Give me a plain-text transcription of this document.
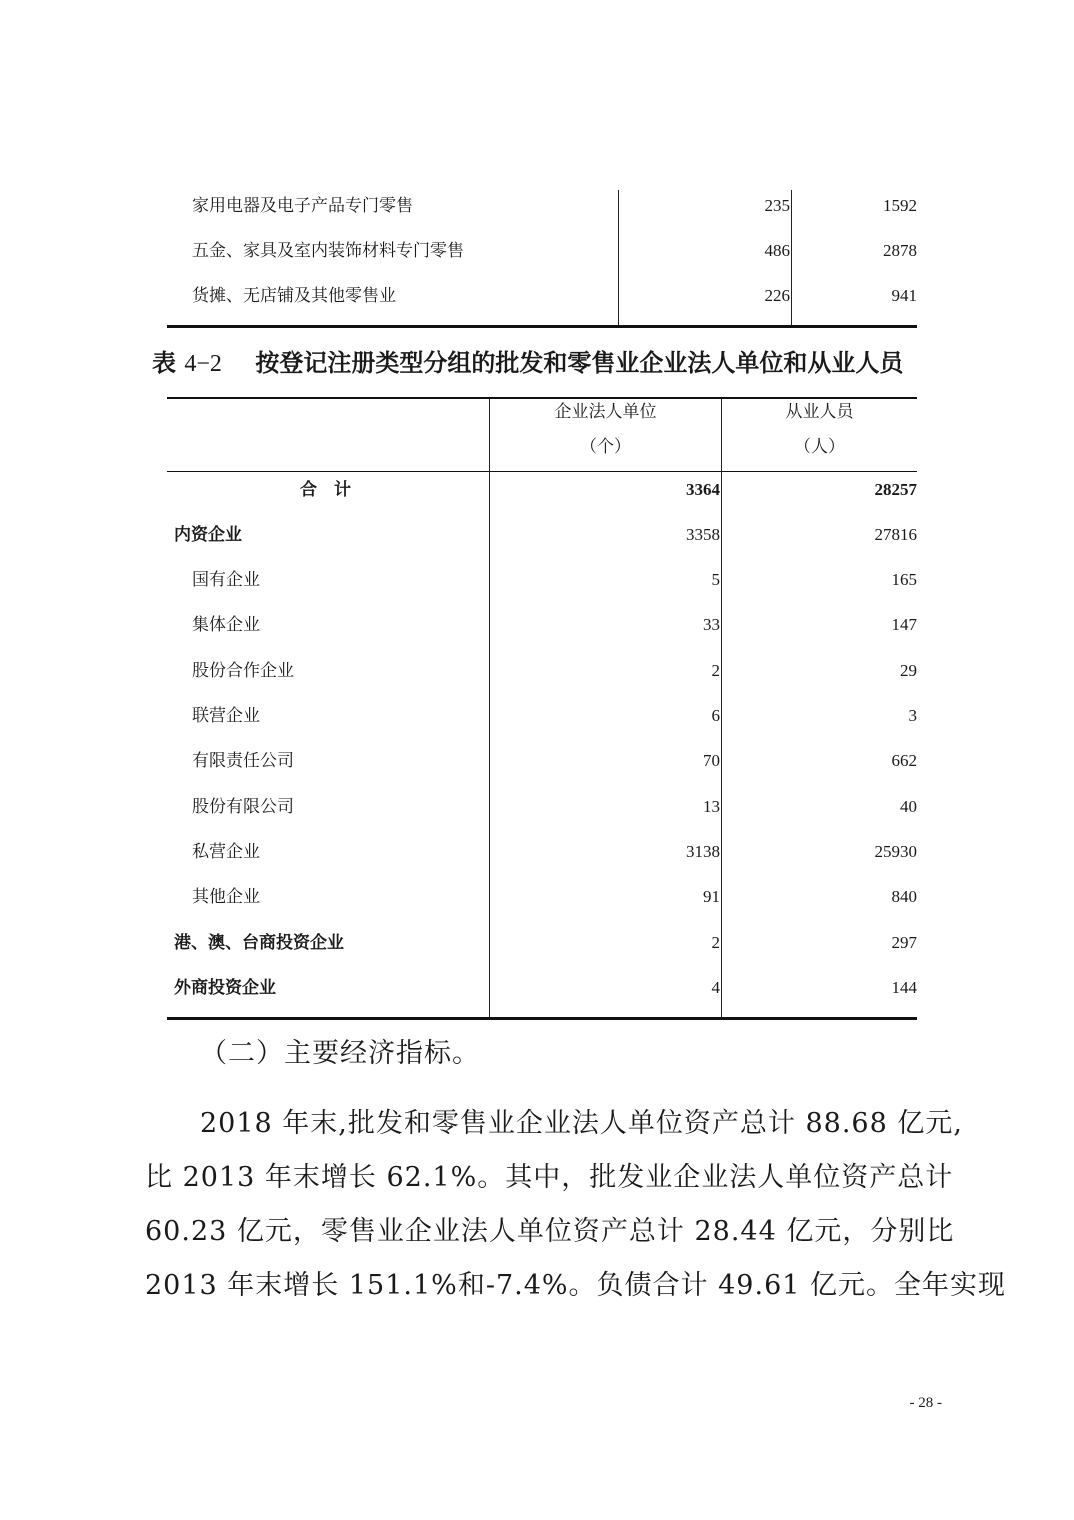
家用电器及电子产品专门零售	235	1592
五金、家具及室内装饰材料专门零售	486	2878
货摊、无店铺及其他零售业	226	941
表 4−2 按登记注册类型分组的批发和零售业企业法人单位和从业人员
企业法人单位
（个）
从业人员
（人）
合　计	3364	28257
内资企业	3358	27816
国有企业	5	165
集体企业	33	147
股份合作企业	2	29
联营企业	6	3
有限责任公司	70	662
股份有限公司	13	40
私营企业	3138	25930
其他企业	91	840
港、澳、台商投资企业	2	297
外商投资企业	4	144
（二）主要经济指标。
2018 年末,批发和零售业企业法人单位资产总计 88.68 亿元,
比 2013 年末增长 62.1%。其中，批发业企业法人单位资产总计
60.23 亿元，零售业企业法人单位资产总计 28.44 亿元，分别比
2013 年末增长 151.1%和-7.4%。负债合计 49.61 亿元。全年实现
- 28 -
